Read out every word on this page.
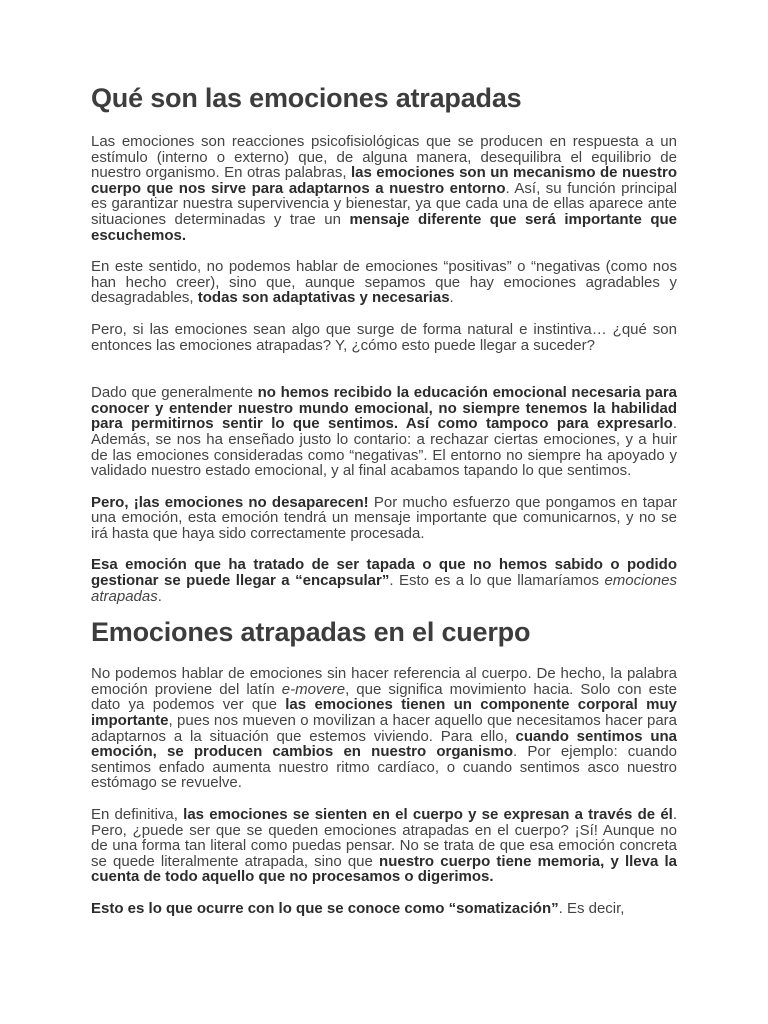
Qué son las emociones atrapadas

Las emociones son reacciones psicofisiológicas que se producen en respuesta a un estímulo (interno o externo) que, de alguna manera, desequilibra el equilibrio de nuestro organismo. En otras palabras, las emociones son un mecanismo de nuestro cuerpo que nos sirve para adaptarnos a nuestro entorno. Así, su función principal es garantizar nuestra supervivencia y bienestar, ya que cada una de ellas aparece ante situaciones determinadas y trae un mensaje diferente que será importante que escuchemos.

En este sentido, no podemos hablar de emociones “positivas” o “negativas (como nos han hecho creer), sino que, aunque sepamos que hay emociones agradables y desagradables, todas son adaptativas y necesarias.

Pero, si las emociones sean algo que surge de forma natural e instintiva… ¿qué son entonces las emociones atrapadas? Y, ¿cómo esto puede llegar a suceder?

Dado que generalmente no hemos recibido la educación emocional necesaria para conocer y entender nuestro mundo emocional, no siempre tenemos la habilidad para permitirnos sentir lo que sentimos. Así como tampoco para expresarlo. Además, se nos ha enseñado justo lo contario: a rechazar ciertas emociones, y a huir de las emociones consideradas como “negativas”. El entorno no siempre ha apoyado y validado nuestro estado emocional, y al final acabamos tapando lo que sentimos.

Pero, ¡las emociones no desaparecen! Por mucho esfuerzo que pongamos en tapar una emoción, esta emoción tendrá un mensaje importante que comunicarnos, y no se irá hasta que haya sido correctamente procesada.

Esa emoción que ha tratado de ser tapada o que no hemos sabido o podido gestionar se puede llegar a “encapsular”. Esto es a lo que llamaríamos emociones atrapadas.

Emociones atrapadas en el cuerpo

No podemos hablar de emociones sin hacer referencia al cuerpo. De hecho, la palabra emoción proviene del latín e-movere, que significa movimiento hacia. Solo con este dato ya podemos ver que las emociones tienen un componente corporal muy importante, pues nos mueven o movilizan a hacer aquello que necesitamos hacer para adaptarnos a la situación que estemos viviendo. Para ello, cuando sentimos una emoción, se producen cambios en nuestro organismo. Por ejemplo: cuando sentimos enfado aumenta nuestro ritmo cardíaco, o cuando sentimos asco nuestro estómago se revuelve.

En definitiva, las emociones se sienten en el cuerpo y se expresan a través de él. Pero, ¿puede ser que se queden emociones atrapadas en el cuerpo? ¡Sí! Aunque no de una forma tan literal como puedas pensar. No se trata de que esa emoción concreta se quede literalmente atrapada, sino que nuestro cuerpo tiene memoria, y lleva la cuenta de todo aquello que no procesamos o digerimos.

Esto es lo que ocurre con lo que se conoce como “somatización”. Es decir,
